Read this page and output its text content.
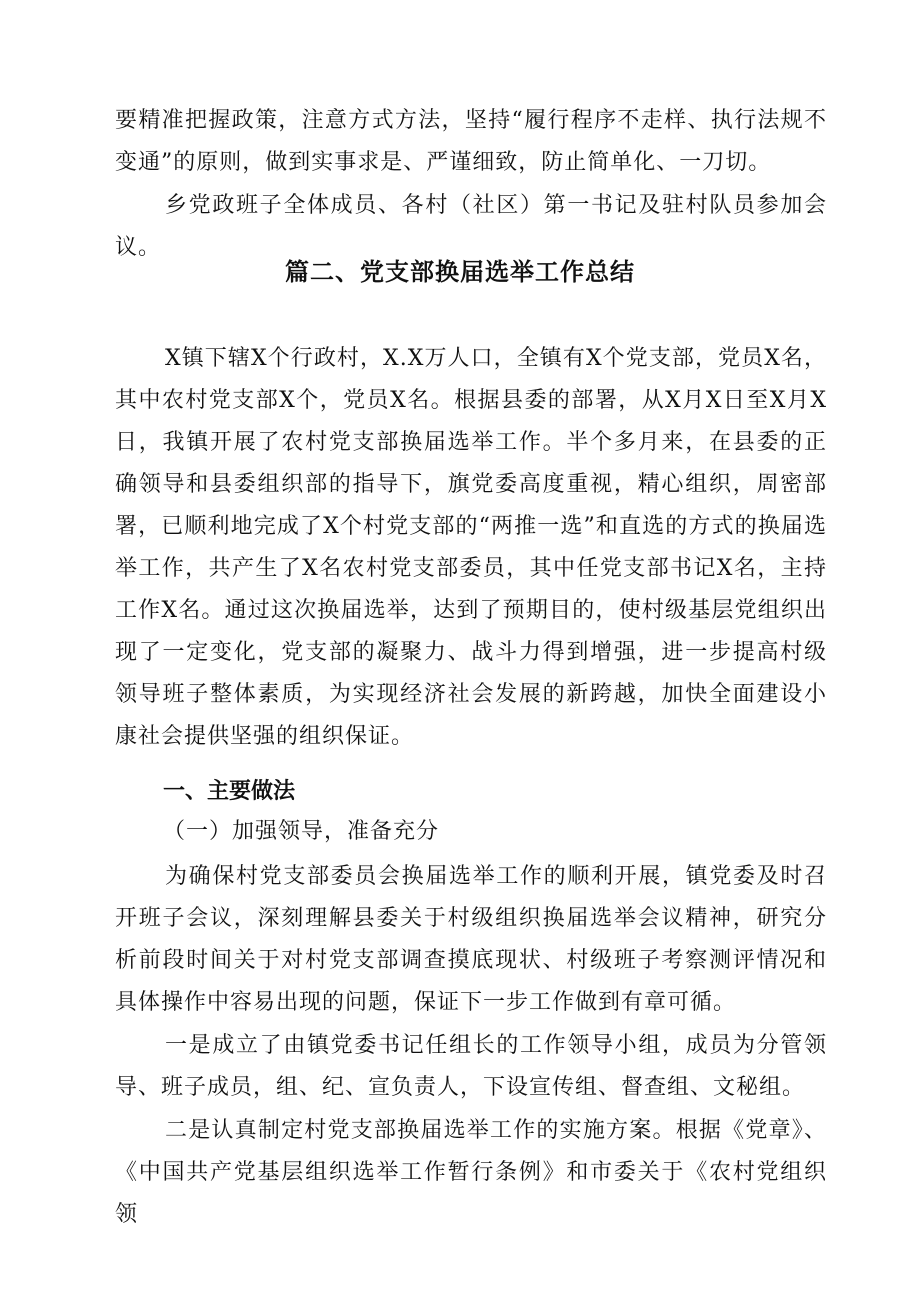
要精准把握政策，注意方式方法，坚持“履行程序不走样、执行法规不变通”的原则，做到实事求是、严谨细致，防止简单化、一刀切。

乡党政班子全体成员、各村（社区）第一书记及驻村队员参加会议。

篇二、党支部换届选举工作总结

X镇下辖X个行政村，X.X万人口，全镇有X个党支部，党员X名，其中农村党支部X个，党员X名。根据县委的部署，从X月X日至X月X日，我镇开展了农村党支部换届选举工作。半个多月来，在县委的正确领导和县委组织部的指导下，旗党委高度重视，精心组织，周密部署，已顺利地完成了X个村党支部的“两推一选”和直选的方式的换届选举工作，共产生了X名农村党支部委员，其中任党支部书记X名，主持工作X名。通过这次换届选举，达到了预期目的，使村级基层党组织出现了一定变化，党支部的凝聚力、战斗力得到增强，进一步提高村级领导班子整体素质，为实现经济社会发展的新跨越，加快全面建设小康社会提供坚强的组织保证。

一、主要做法

（一）加强领导，准备充分

为确保村党支部委员会换届选举工作的顺利开展，镇党委及时召开班子会议，深刻理解县委关于村级组织换届选举会议精神，研究分析前段时间关于对村党支部调查摸底现状、村级班子考察测评情况和具体操作中容易出现的问题，保证下一步工作做到有章可循。

一是成立了由镇党委书记任组长的工作领导小组，成员为分管领导、班子成员，组、纪、宣负责人，下设宣传组、督查组、文秘组。

二是认真制定村党支部换届选举工作的实施方案。根据《党章》、《中国共产党基层组织选举工作暂行条例》和市委关于《农村党组织领
